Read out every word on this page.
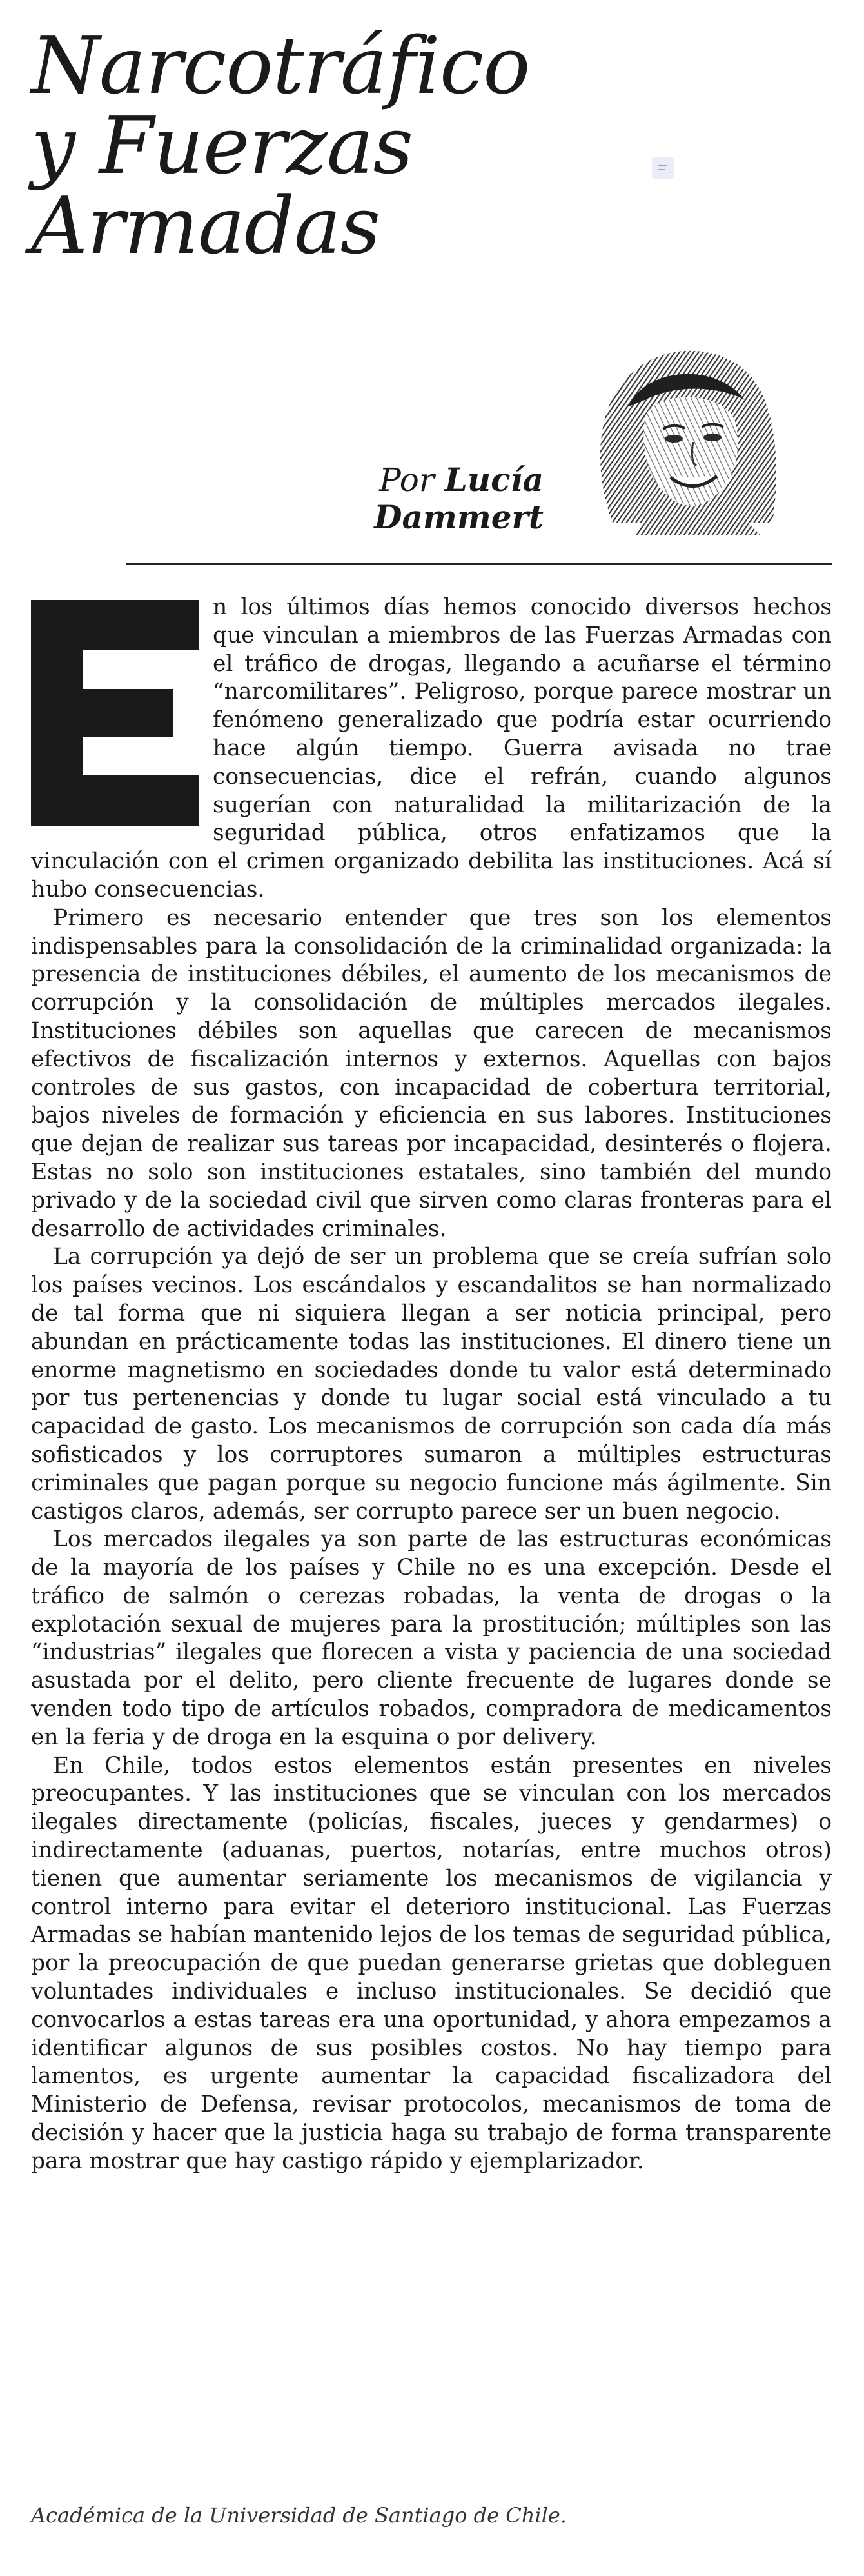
Narcotráfico
y Fuerzas
Armadas
Por Lucía
Dammert

n los últimos días hemos conocido diversos hechos que vinculan a miembros de las Fuerzas Armadas con el tráfico de drogas, llegando a acuñarse el término “narcomilitares”. Peligroso, porque parece mostrar un fenómeno generalizado que podría estar ocurriendo hace algún tiempo. Guerra avisada no trae consecuencias, dice el refrán, cuando algunos sugerían con naturalidad la militarización de la seguridad pública, otros enfatizamos que la vinculación con el crimen organizado debilita las instituciones. Acá sí hubo consecuencias.

Primero es necesario entender que tres son los elementos indispensables para la consolidación de la criminalidad organizada: la presencia de instituciones débiles, el aumento de los mecanismos de corrupción y la consolidación de múltiples mercados ilegales. Instituciones débiles son aquellas que carecen de mecanismos efectivos de fiscalización internos y externos. Aquellas con bajos controles de sus gastos, con incapacidad de cobertura territorial, bajos niveles de formación y eficiencia en sus labores. Instituciones que dejan de realizar sus tareas por incapacidad, desinterés o flojera. Estas no solo son instituciones estatales, sino también del mundo privado y de la sociedad civil que sirven como claras fronteras para el desarrollo de actividades criminales.

La corrupción ya dejó de ser un problema que se creía sufrían solo los países vecinos. Los escándalos y escandalitos se han normalizado de tal forma que ni siquiera llegan a ser noticia principal, pero abundan en prácticamente todas las instituciones. El dinero tiene un enorme magnetismo en sociedades donde tu valor está determinado por tus pertenencias y donde tu lugar social está vinculado a tu capacidad de gasto. Los mecanismos de corrupción son cada día más sofisticados y los corruptores sumaron a múltiples estructuras criminales que pagan porque su negocio funcione más ágilmente. Sin castigos claros, además, ser corrupto parece ser un buen negocio.

Los mercados ilegales ya son parte de las estructuras económicas de la mayoría de los países y Chile no es una excepción. Desde el tráfico de salmón o cerezas robadas, la venta de drogas o la explotación sexual de mujeres para la prostitución; múltiples son las “industrias” ilegales que florecen a vista y paciencia de una sociedad asustada por el delito, pero cliente frecuente de lugares donde se venden todo tipo de artículos robados, compradora de medicamentos en la feria y de droga en la esquina o por delivery.

En Chile, todos estos elementos están presentes en niveles preocupantes. Y las instituciones que se vinculan con los mercados ilegales directamente (policías, fiscales, jueces y gendarmes) o indirectamente (aduanas, puertos, notarías, entre muchos otros) tienen que aumentar seriamente los mecanismos de vigilancia y control interno para evitar el deterioro institucional. Las Fuerzas Armadas se habían mantenido lejos de los temas de seguridad pública, por la preocupación de que puedan generarse grietas que dobleguen voluntades individuales e incluso institucionales. Se decidió que convocarlos a estas tareas era una oportunidad, y ahora empezamos a identificar algunos de sus posibles costos. No hay tiempo para lamentos, es urgente aumentar la capacidad fiscalizadora del Ministerio de Defensa, revisar protocolos, mecanismos de toma de decisión y hacer que la justicia haga su trabajo de forma transparente para mostrar que hay castigo rápido y ejemplarizador.

Académica de la Universidad de Santiago de Chile.
